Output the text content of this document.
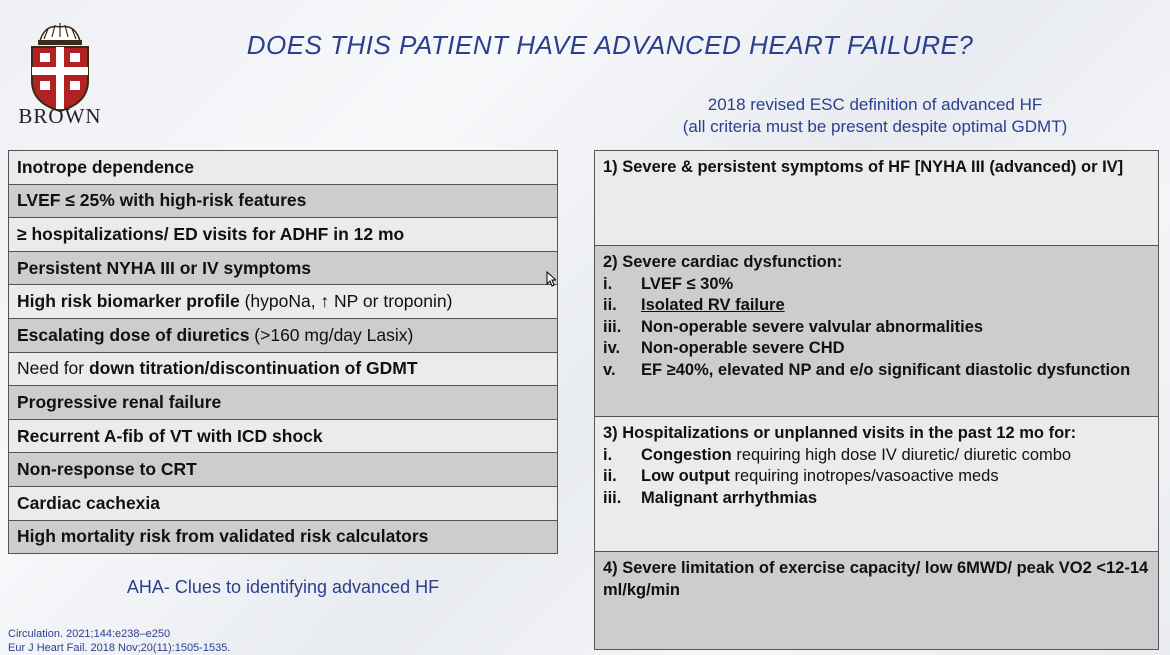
BROWN
DOES THIS PATIENT HAVE ADVANCED HEART FAILURE?
2018 revised ESC definition of advanced HF
(all criteria must be present despite optimal GDMT)
Inotrope dependence
LVEF ≤ 25% with high-risk features
≥ hospitalizations/ ED visits for ADHF in 12 mo
Persistent NYHA III or IV symptoms
High risk biomarker profile (hypoNa, ↑ NP or troponin)
Escalating dose of diuretics (>160 mg/day Lasix)
Need for down titration/discontinuation of GDMT
Progressive renal failure
Recurrent A-fib of VT with ICD shock
Non-response to CRT
Cardiac cachexia
High mortality risk from validated risk calculators
AHA- Clues to identifying advanced HF
1) Severe & persistent symptoms of HF [NYHA III (advanced) or IV]
2) Severe cardiac dysfunction:
i.	LVEF ≤ 30%
ii.	Isolated RV failure
iii.	Non-operable severe valvular abnormalities
iv.	Non-operable severe CHD
v.	EF ≥40%, elevated NP and e/o significant diastolic dysfunction
3) Hospitalizations or unplanned visits in the past 12 mo for:
i.	Congestion requiring high dose IV diuretic/ diuretic combo
ii.	Low output requiring inotropes/vasoactive meds
iii.	Malignant arrhythmias
4) Severe limitation of exercise capacity/ low 6MWD/ peak VO2 <12-14 ml/kg/min
Circulation. 2021;144:e238–e250
Eur J Heart Fail. 2018 Nov;20(11):1505-1535.
